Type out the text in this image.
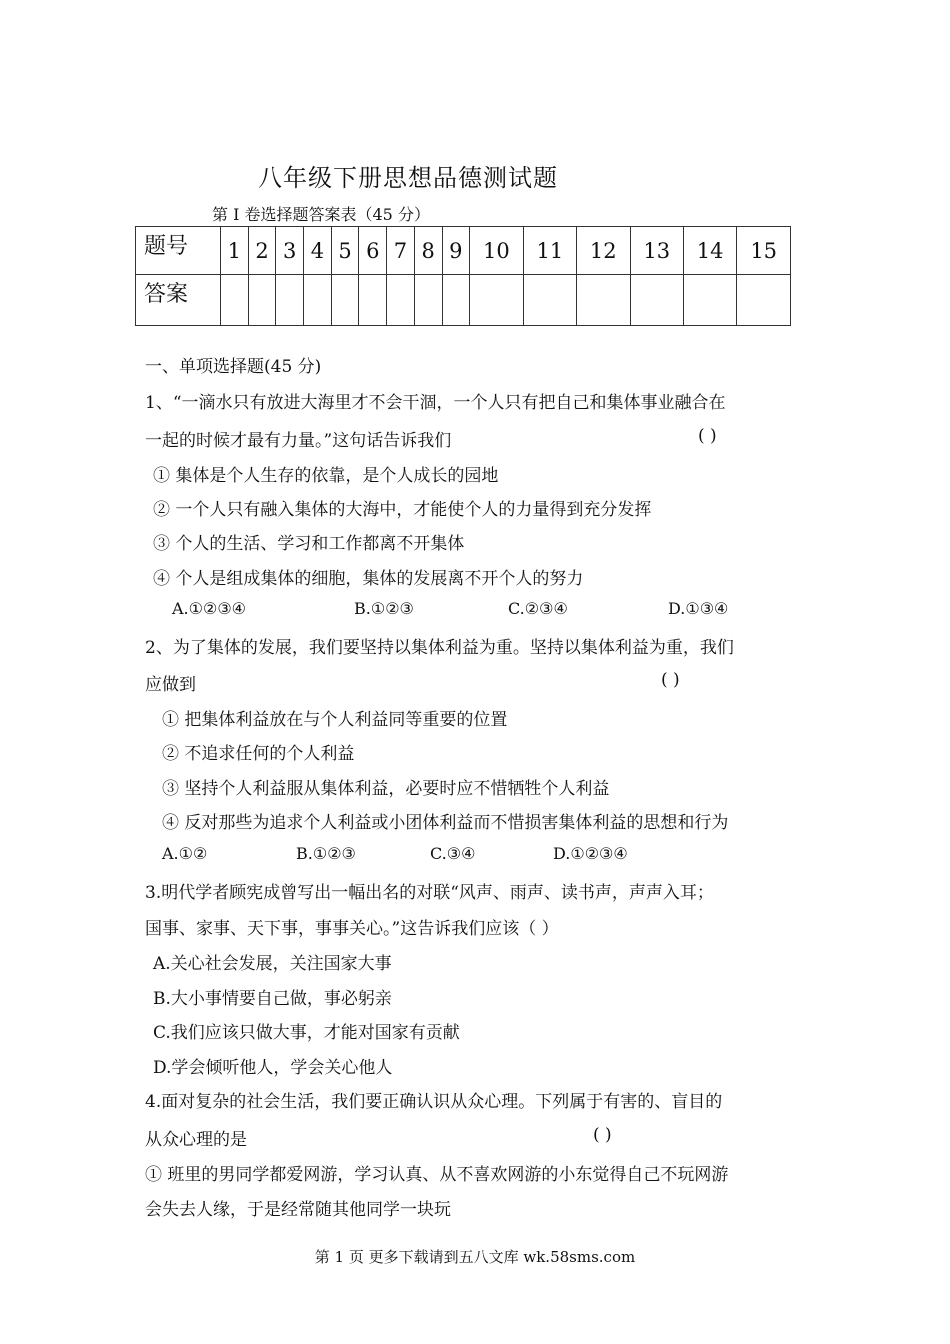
八年级下册思想品德测试题
第 I 卷选择题答案表（45 分）
题号	1	2	3	4	5	6	7	8	9	10	11	12	13	14	15
答案															
一、单项选择题(45 分)
1、“一滴水只有放进大海里才不会干涸，一个人只有把自己和集体事业融合在
一起的时候才最有力量。”这句话告诉我们	( )
① 集体是个人生存的依靠，是个人成长的园地
② 一个人只有融入集体的大海中，才能使个人的力量得到充分发挥
③ 个人的生活、学习和工作都离不开集体
④ 个人是组成集体的细胞，集体的发展离不开个人的努力
A.①②③④	B.①②③	C.②③④	D.①③④
2、为了集体的发展，我们要坚持以集体利益为重。坚持以集体利益为重，我们
应做到	( )
① 把集体利益放在与个人利益同等重要的位置
② 不追求任何的个人利益
③ 坚持个人利益服从集体利益，必要时应不惜牺牲个人利益
④ 反对那些为追求个人利益或小团体利益而不惜损害集体利益的思想和行为
A.①②	B.①②③	C.③④	D.①②③④
3.明代学者顾宪成曾写出一幅出名的对联“风声、雨声、读书声，声声入耳；
国事、家事、天下事，事事关心。”这告诉我们应该（ ）
A.关心社会发展，关注国家大事
B.大小事情要自己做，事必躬亲
C.我们应该只做大事，才能对国家有贡献
D.学会倾听他人，学会关心他人
4.面对复杂的社会生活，我们要正确认识从众心理。下列属于有害的、盲目的
从众心理的是	( )
① 班里的男同学都爱网游，学习认真、从不喜欢网游的小东觉得自己不玩网游
会失去人缘，于是经常随其他同学一块玩
第 1 页 更多下载请到五八文库 wk.58sms.com
